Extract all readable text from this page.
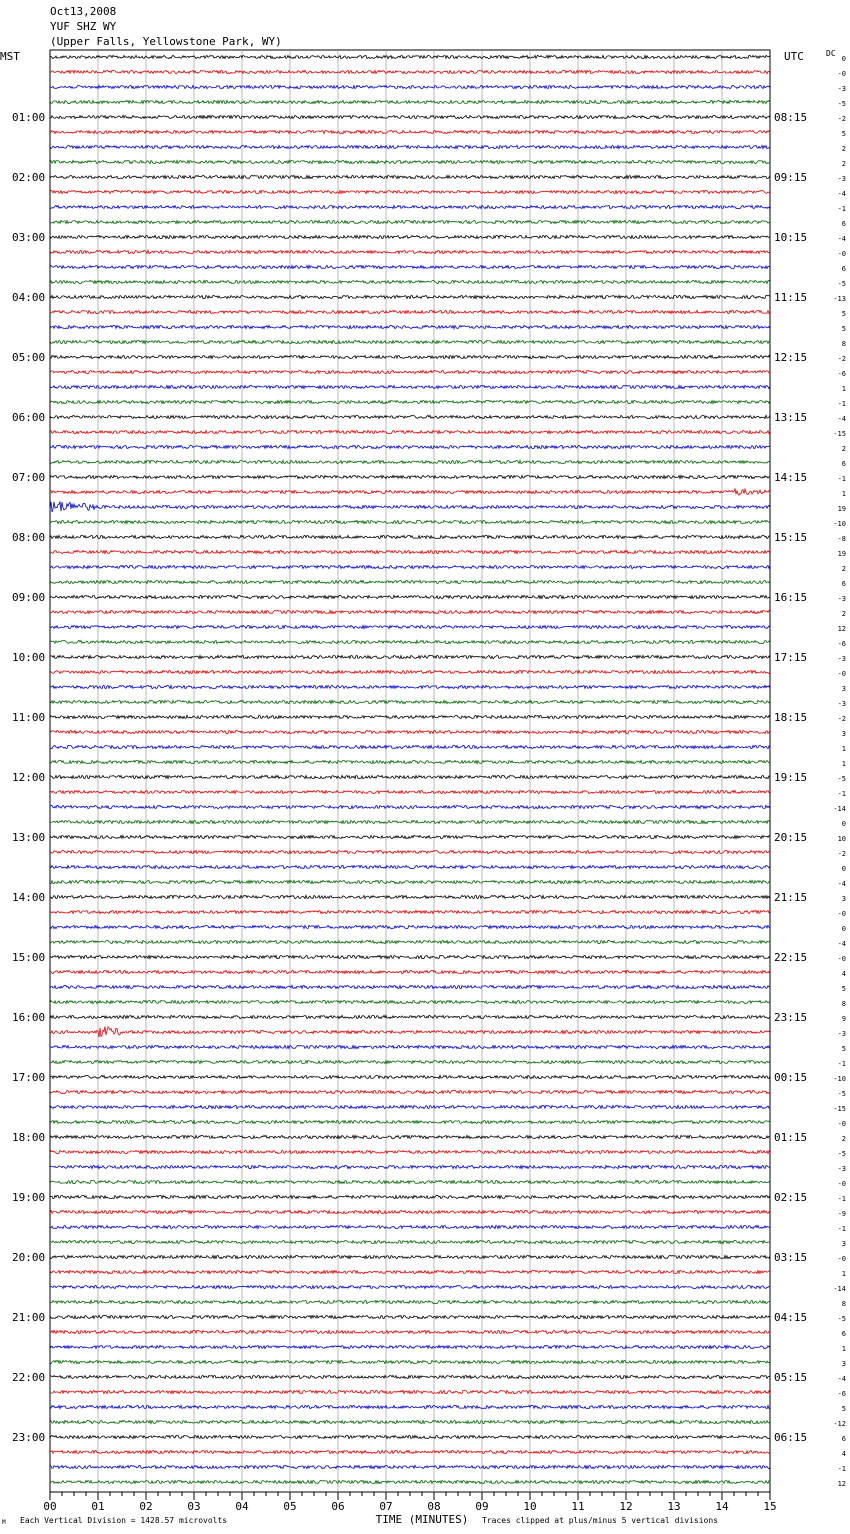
Oct13,2008
YUF SHZ WY
(Upper Falls, Yellowstone Park, WY)
MST	UTC	DC
00	01	02	03	04	05	06	07	08	09	10	11	12	13	14	15
01:00
02:00
03:00
04:00
05:00
06:00
07:00
08:00
09:00
10:00
11:00
12:00
13:00
14:00
15:00
16:00
17:00
18:00
19:00
20:00
21:00
22:00
23:00
08:15
09:15
10:15
11:15
12:15
13:15
14:15
15:15
16:15
17:15
18:15
19:15
20:15
21:15
22:15
23:15
00:15
01:15
02:15
03:15
04:15
05:15
06:15
0
-0
-3
-5
-2
5
2
2
-3
-4
-1
6
-4
-0
6
-5
-13
5
5
8
-2
-6
1
-1
-4
-15
2
6
-1
1
19
-10
-8
19
2
6
-3
2
12
-6
-3
-0
3
-3
-2
3
1
1
-5
-1
-14
0
10
-2
0
-4
3
-0
0
-4
-0
4
5
8
9
-3
5
-1
-10
-5
-15
-0
2
-5
-3
-0
-1
-9
-1
3
-0
1
-14
8
-5
6
1
3
-4
-6
5
-12
6
4
-1
12
M Each Vertical Division = 1428.57 microvolts	TIME (MINUTES) Traces clipped at plus/minus 5 vertical divisions
